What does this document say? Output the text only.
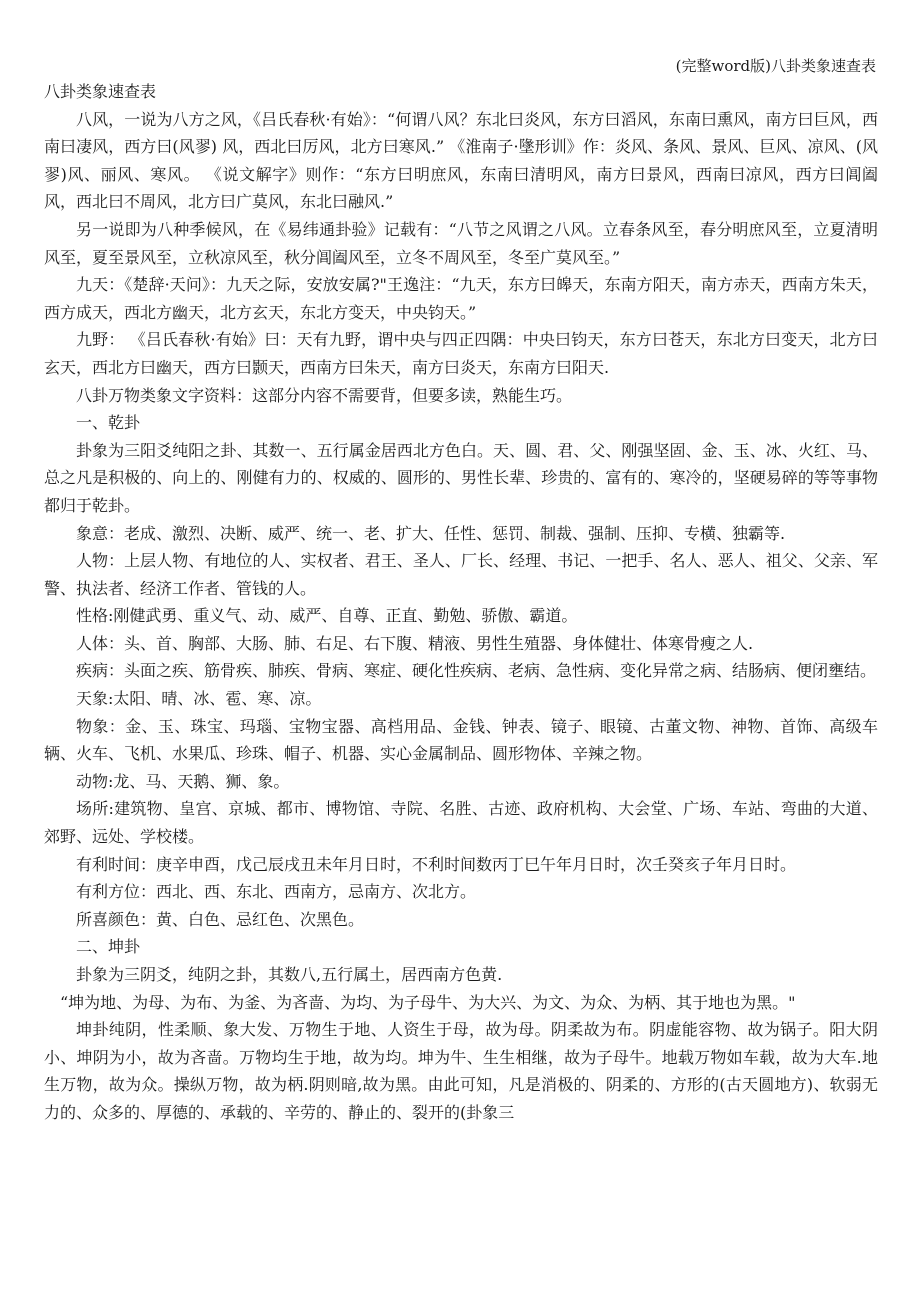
(完整word版)八卦类象速查表

八卦类象速查表

八风，一说为八方之风，《吕氏春秋·有始》：“何谓八风？东北曰炎风，东方曰滔风，东南曰熏风，南方曰巨风，西南曰凄风，西方曰(风翏) 风，西北曰厉风，北方曰寒风.” 《淮南子·墬形训》作：炎风、条风、景风、巨风、凉风、(风翏)风、丽风、寒风。 《说文解字》则作：“东方曰明庶风，东南曰清明风，南方曰景风，西南曰凉风，西方曰阊阖风，西北曰不周风，北方曰广莫风，东北曰融风.”

另一说即为八种季候风，在《易纬通卦验》记载有：“八节之风谓之八风。立春条风至，春分明庶风至，立夏清明风至，夏至景风至，立秋凉风至，秋分阊阖风至，立冬不周风至，冬至广莫风至。”

九天：《楚辞·天问》：九天之际，安放安属?"王逸注：“九天，东方曰皞天，东南方阳天，南方赤天，西南方朱天，西方成天，西北方幽天，北方玄天，东北方变天，中央钧天。”

九野： 《吕氏春秋·有始》曰：天有九野，谓中央与四正四隅：中央曰钧天，东方曰苍天，东北方曰变天，北方曰玄天，西北方曰幽天，西方曰颢天，西南方曰朱天，南方曰炎天，东南方曰阳天.

八卦万物类象文字资料：这部分内容不需要背，但要多读，熟能生巧。

一、乾卦

卦象为三阳爻纯阳之卦、其数一、五行属金居西北方色白。天、圆、君、父、刚强坚固、金、玉、冰、火红、马、总之凡是积极的、向上的、刚健有力的、权威的、圆形的、男性长辈、珍贵的、富有的、寒冷的，坚硬易碎的等等事物都归于乾卦。

象意：老成、激烈、决断、威严、统一、老、扩大、任性、惩罚、制裁、强制、压抑、专横、独霸等.

人物：上层人物、有地位的人、实权者、君王、圣人、厂长、经理、书记、一把手、名人、恶人、祖父、父亲、军警、执法者、经济工作者、管钱的人。

性格:刚健武勇、重义气、动、威严、自尊、正直、勤勉、骄傲、霸道。

人体：头、首、胸部、大肠、肺、右足、右下腹、精液、男性生殖器、身体健壮、体寒骨瘦之人.

疾病：头面之疾、筋骨疾、肺疾、骨病、寒症、硬化性疾病、老病、急性病、变化异常之病、结肠病、便闭壅结。

天象:太阳、晴、冰、雹、寒、凉。

物象：金、玉、珠宝、玛瑙、宝物宝器、高档用品、金钱、钟表、镜子、眼镜、古董文物、神物、首饰、高级车辆、火车、飞机、水果瓜、珍珠、帽子、机器、实心金属制品、圆形物体、辛辣之物。

动物:龙、马、天鹅、狮、象。

场所:建筑物、皇宫、京城、都市、博物馆、寺院、名胜、古迹、政府机构、大会堂、广场、车站、弯曲的大道、郊野、远处、学校楼。

有利时间：庚辛申酉，戊己辰戌丑未年月日时，不利时间数丙丁巳午年月日时，次壬癸亥子年月日时。

有利方位：西北、西、东北、西南方，忌南方、次北方。

所喜颜色：黄、白色、忌红色、次黑色。

二、坤卦

卦象为三阴爻，纯阴之卦，其数八,五行属土，居西南方色黄.

“坤为地、为母、为布、为釜、为吝啬、为均、为子母牛、为大兴、为文、为众、为柄、其于地也为黑。"

坤卦纯阴，性柔顺、象大发、万物生于地、人资生于母，故为母。阴柔故为布。阴虚能容物、故为锅子。阳大阴小、坤阴为小，故为吝啬。万物均生于地，故为均。坤为牛、生生相继，故为子母牛。地载万物如车载，故为大车.地生万物，故为众。操纵万物，故为柄.阴则暗,故为黑。由此可知，凡是消极的、阴柔的、方形的(古天圆地方)、软弱无力的、众多的、厚德的、承载的、辛劳的、静止的、裂开的(卦象三
